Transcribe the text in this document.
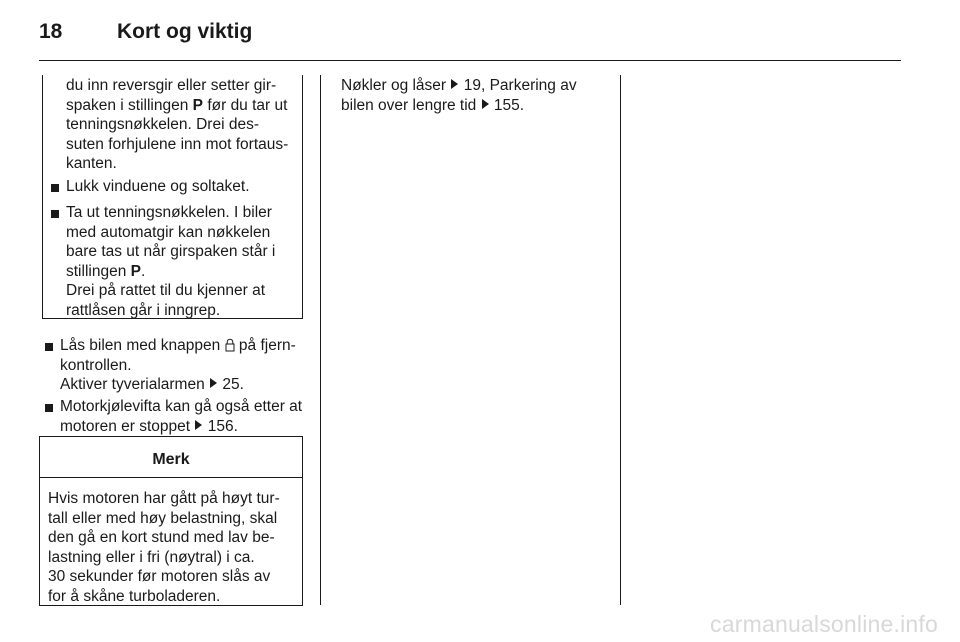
18	Kort og viktig
du inn reversgir eller setter gir-
spaken i stillingen P før du tar ut
tenningsnøkkelen. Drei des-
suten forhjulene inn mot fortaus-
kanten.
Lukk vinduene og soltaket.
Ta ut tenningsnøkkelen. I biler
med automatgir kan nøkkelen
bare tas ut når girspaken står i
stillingen P.
Drei på rattet til du kjenner at
rattlåsen går i inngrep.
Lås bilen med knappen på fjern-
kontrollen.
Aktiver tyverialarmen 25.
Motorkjølevifta kan gå også etter at
motoren er stoppet 156.
Merk
Hvis motoren har gått på høyt tur-
tall eller med høy belastning, skal
den gå en kort stund med lav be-
lastning eller i fri (nøytral) i ca.
30 sekunder før motoren slås av
for å skåne turboladeren.
Nøkler og låser 19, Parkering av
bilen over lengre tid 155.
carmanualsonline.info
